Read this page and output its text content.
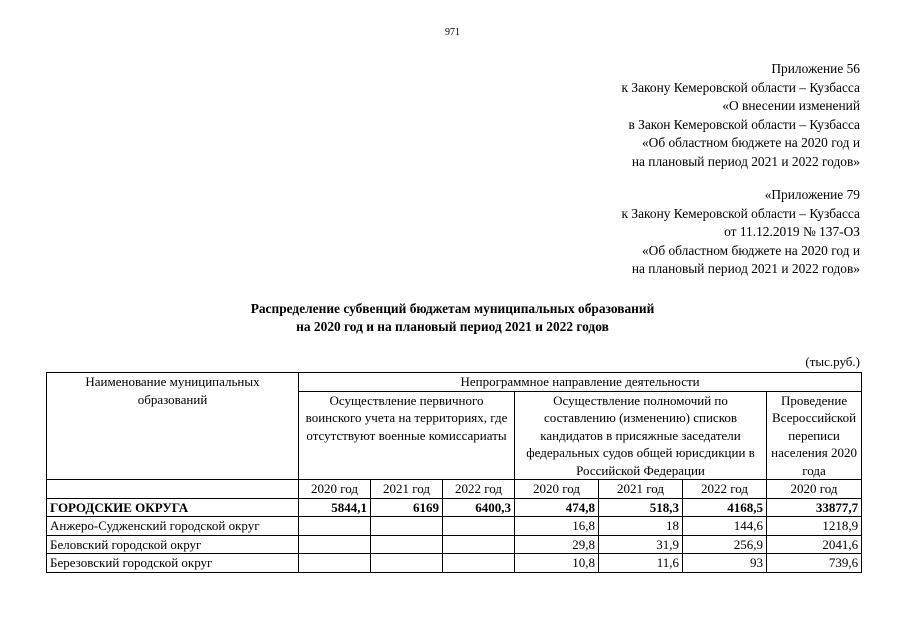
971
Приложение 56
к Закону Кемеровской области – Кузбасса
«О внесении изменений
в Закон Кемеровской области – Кузбасса
«Об областном бюджете на 2020 год и
на плановый период 2021 и 2022 годов»
«Приложение 79
к Закону Кемеровской области – Кузбасса
от 11.12.2019 № 137-ОЗ
«Об областном бюджете на 2020 год и
на плановый период 2021 и 2022 годов»
Распределение субвенций бюджетам муниципальных образований
на 2020 год и на плановый период 2021 и 2022 годов
(тыс.руб.)
Наименование муниципальных образований	Непрограммное направление деятельности						
	Осуществление первичного воинского учета на территориях, где отсутствуют военные комиссариаты			Осуществление полномочий по составлению (изменению) списков кандидатов в присяжные заседатели федеральных судов общей юрисдикции в Российской Федерации			Проведение Всероссийской переписи населения 2020 года
	2020 год	2021 год	2022 год	2020 год	2021 год	2022 год	2020 год
ГОРОДСКИЕ ОКРУГА	5844,1	6169	6400,3	474,8	518,3	4168,5	33877,7
Анжеро-Судженский городской округ				16,8	18	144,6	1218,9
Беловский городской округ				29,8	31,9	256,9	2041,6
Березовский городской округ				10,8	11,6	93	739,6
